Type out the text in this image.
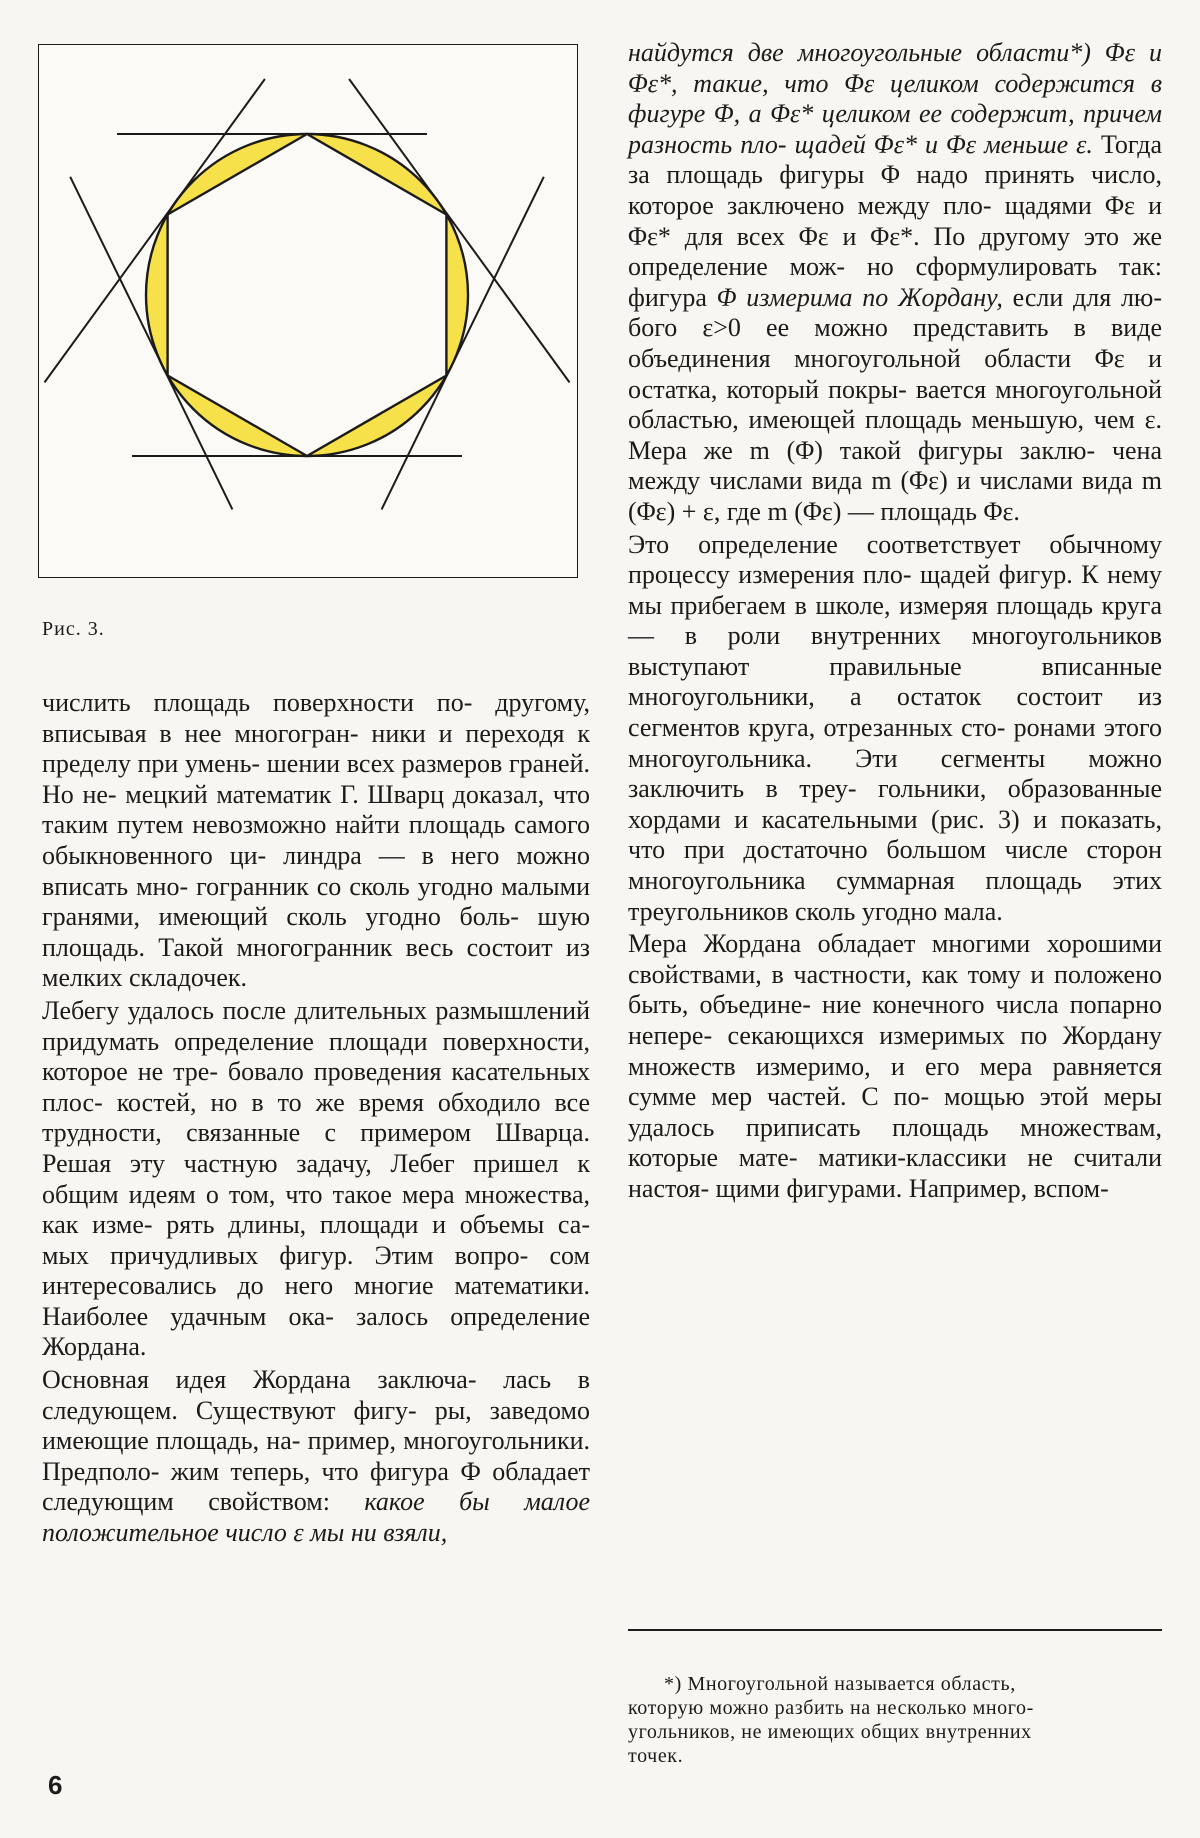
Рис. 3.

числить площадь поверхности по- другому, вписывая в нее многогран- ники и переходя к пределу при умень- шении всех размеров граней. Но не- мецкий математик Г. Шварц доказал, что таким путем невозможно найти площадь самого обыкновенного ци- линдра — в него можно вписать мно- гогранник со сколь угодно малыми гранями, имеющий сколь угодно боль- шую площадь. Такой многогранник весь состоит из мелких складочек.

Лебегу удалось после длительных размышлений придумать определение площади поверхности, которое не тре- бовало проведения касательных плос- костей, но в то же время обходило все трудности, связанные с примером Шварца. Решая эту частную задачу, Лебег пришел к общим идеям о том, что такое мера множества, как изме- рять длины, площади и объемы са- мых причудливых фигур. Этим вопро- сом интересовались до него многие математики. Наиболее удачным ока- залось определение Жордана.

Основная идея Жордана заключа- лась в следующем. Существуют фигу- ры, заведомо имеющие площадь, на- пример, многоугольники. Предполо- жим теперь, что фигура Ф обладает следующим свойством: какое бы малое положительное число ε мы ни взяли,

найдутся две многоугольные области*) Φε и Φε*, такие, что Φε целиком содержится в фигуре Φ, а Φε* целиком ее содержит, причем разность пло- щадей Φε* и Φε меньше ε. Тогда за площадь фигуры Φ надо принять число, которое заключено между пло- щадями Φε и Φε* для всех Φε и Φε*. По другому это же определение мож- но сформулировать так: фигура Φ измерима по Жордану, если для лю- бого ε>0 ее можно представить в виде объединения многоугольной области Φε и остатка, который покры- вается многоугольной областью, имеющей площадь меньшую, чем ε. Мера же m (Φ) такой фигуры заклю- чена между числами вида m (Φε) и числами вида m (Φε) + ε, где m (Φε) — площадь Φε.

Это определение соответствует обычному процессу измерения пло- щадей фигур. К нему мы прибегаем в школе, измеряя площадь круга — в роли внутренних многоугольников выступают правильные вписанные многоугольники, а остаток состоит из сегментов круга, отрезанных сто- ронами этого многоугольника. Эти сегменты можно заключить в треу- гольники, образованные хордами и касательными (рис. 3) и показать, что при достаточно большом числе сторон многоугольника суммарная площадь этих треугольников сколь угодно мала.

Мера Жордана обладает многими хорошими свойствами, в частности, как тому и положено быть, объедине- ние конечного числа попарно непере- секающихся измеримых по Жордану множеств измеримо, и его мера равняется сумме мер частей. С по- мощью этой меры удалось приписать площадь множествам, которые мате- матики-классики не считали настоя- щими фигурами. Например, вспом-

*) Многоугольной называется область,

которую можно разбить на несколько много-
угольников, не имеющих общих внутренних
точек.
6
